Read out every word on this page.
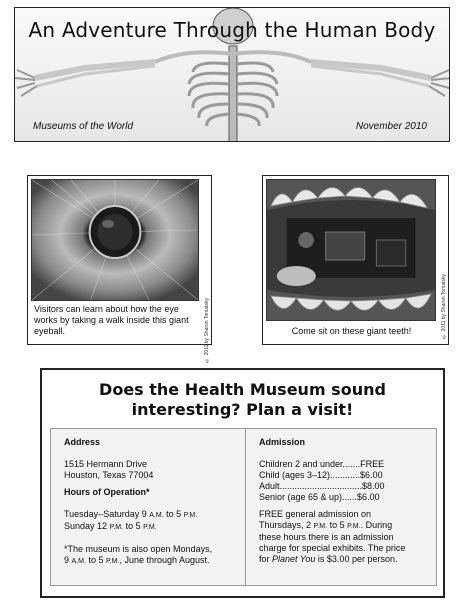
An Adventure Through the Human Body
Museums of the World	November 2010
Visitors can learn about how the eye works by taking a walk inside this giant eyeball.	© 2011 by Sharon Tomatsky	Come sit on these giant teeth!	© 2011 by Sharon Tomatsky
Does the Health Museum sound
interesting? Plan a visit!
Address
1515 Hermann Drive
Houston, Texas 77004
Hours of Operation*
Tuesday–Saturday 9 A.M. to 5 P.M.
Sunday 12 P.M. to 5 P.M.
*The museum is also open Mondays,
9 A.M. to 5 P.M., June through August.
Admission
Children 2 and under.......FREE
Child (ages 3–12)............$6.00
Adult.................................$8.00
Senior (age 65 & up)......$6.00
FREE general admission on
Thursdays, 2 P.M. to 5 P.M.. During
these hours there is an admission
charge for special exhibits. The price
for Planet You is $3.00 per person.
